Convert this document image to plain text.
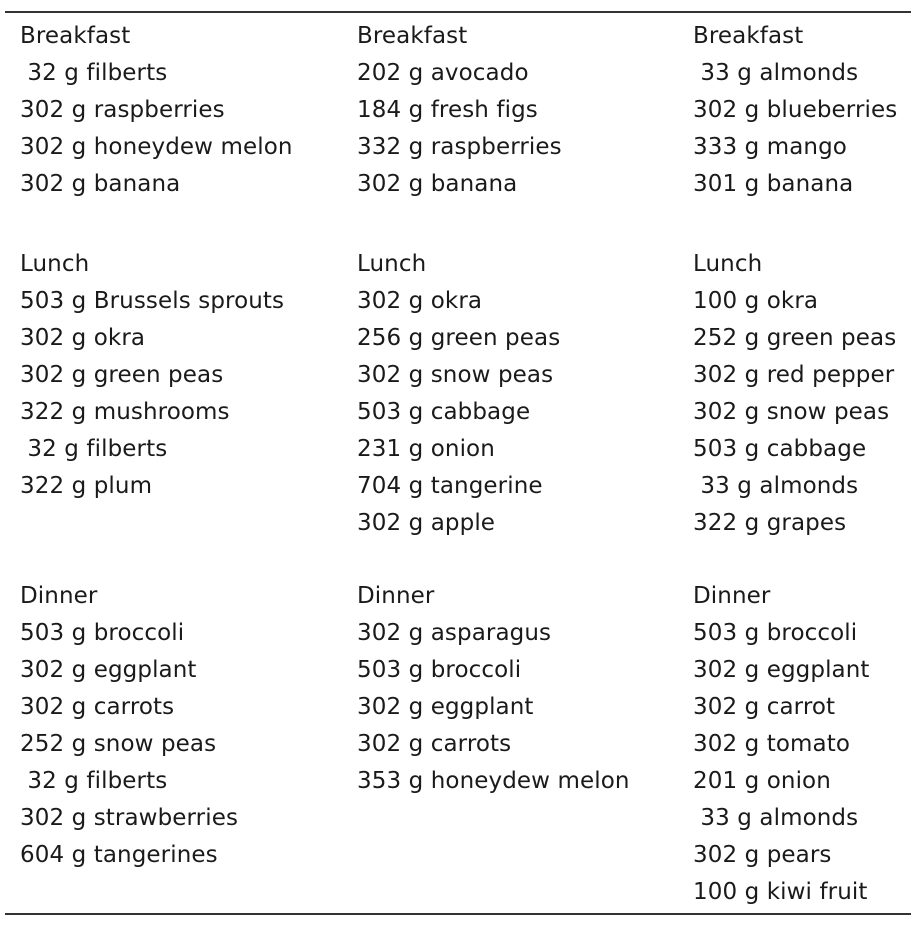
Breakfast
32 g filberts
302 g raspberries
302 g honeydew melon
302 g banana
Lunch
503 g Brussels sprouts
302 g okra
302 g green peas
322 g mushrooms
32 g filberts
322 g plum
Dinner
503 g broccoli
302 g eggplant
302 g carrots
252 g snow peas
32 g filberts
302 g strawberries
604 g tangerines
Breakfast
202 g avocado
184 g fresh figs
332 g raspberries
302 g banana
Lunch
302 g okra
256 g green peas
302 g snow peas
503 g cabbage
231 g onion
704 g tangerine
302 g apple
Dinner
302 g asparagus
503 g broccoli
302 g eggplant
302 g carrots
353 g honeydew melon
Breakfast
33 g almonds
302 g blueberries
333 g mango
301 g banana
Lunch
100 g okra
252 g green peas
302 g red pepper
302 g snow peas
503 g cabbage
33 g almonds
322 g grapes
Dinner
503 g broccoli
302 g eggplant
302 g carrot
302 g tomato
201 g onion
33 g almonds
302 g pears
100 g kiwi fruit
